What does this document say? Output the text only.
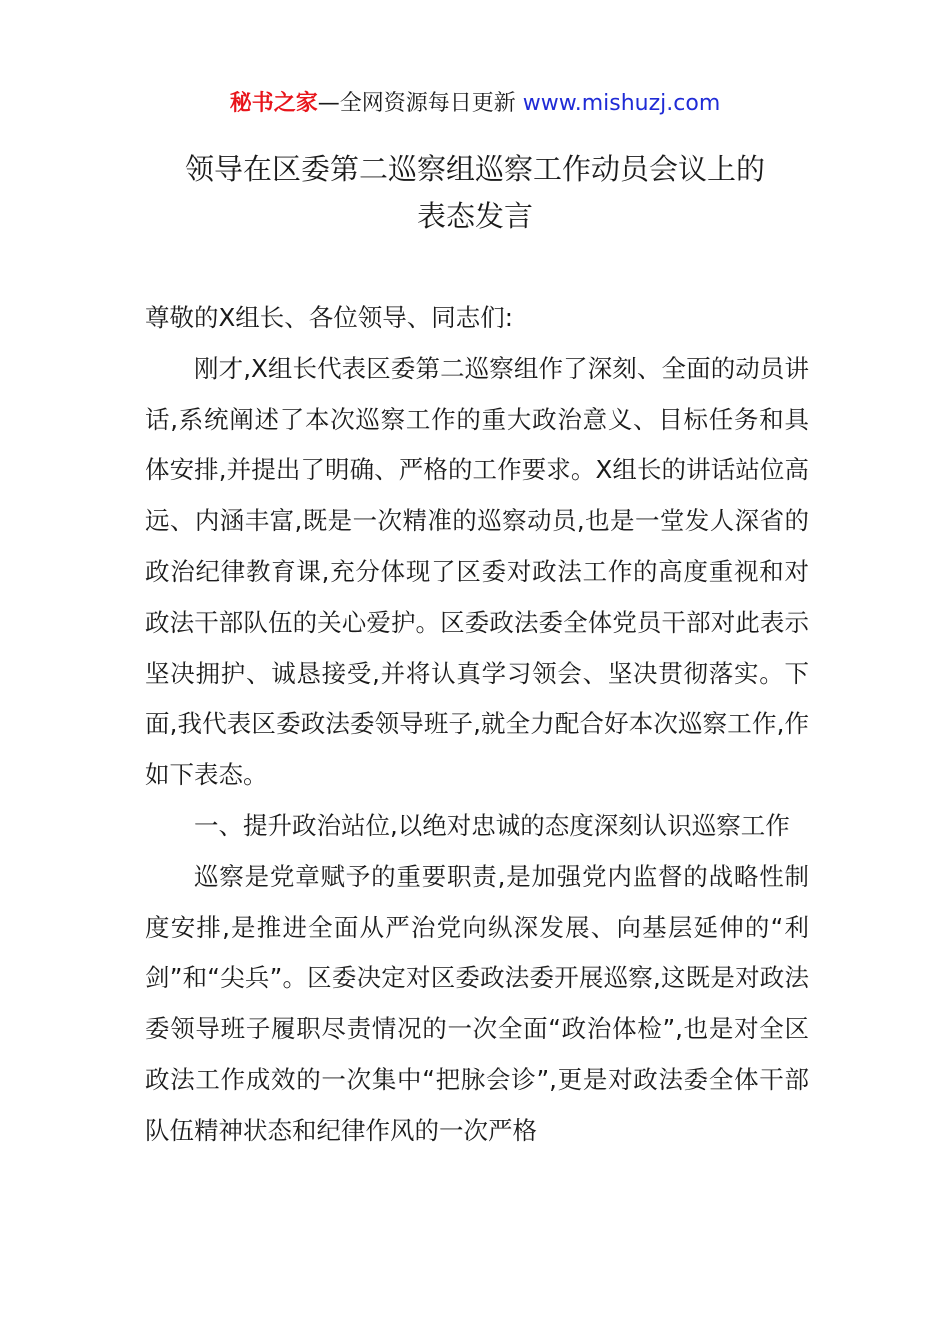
秘书之家—全网资源每日更新 www.mishuzj.com
领导在区委第二巡察组巡察工作动员会议上的
表态发言

尊敬的X组长、各位领导、同志们:

刚才,X组长代表区委第二巡察组作了深刻、全面的动员讲话,系统阐述了本次巡察工作的重大政治意义、目标任务和具体安排,并提出了明确、严格的工作要求。X组长的讲话站位高远、内涵丰富,既是一次精准的巡察动员,也是一堂发人深省的政治纪律教育课,充分体现了区委对政法工作的高度重视和对政法干部队伍的关心爱护。区委政法委全体党员干部对此表示坚决拥护、诚恳接受,并将认真学习领会、坚决贯彻落实。下面,我代表区委政法委领导班子,就全力配合好本次巡察工作,作如下表态。

一、提升政治站位,以绝对忠诚的态度深刻认识巡察工作

巡察是党章赋予的重要职责,是加强党内监督的战略性制度安排,是推进全面从严治党向纵深发展、向基层延伸的“利剑”和“尖兵”。区委决定对区委政法委开展巡察,这既是对政法委领导班子履职尽责情况的一次全面“政治体检”,也是对全区政法工作成效的一次集中“把脉会诊”,更是对政法委全体干部队伍精神状态和纪律作风的一次严格
